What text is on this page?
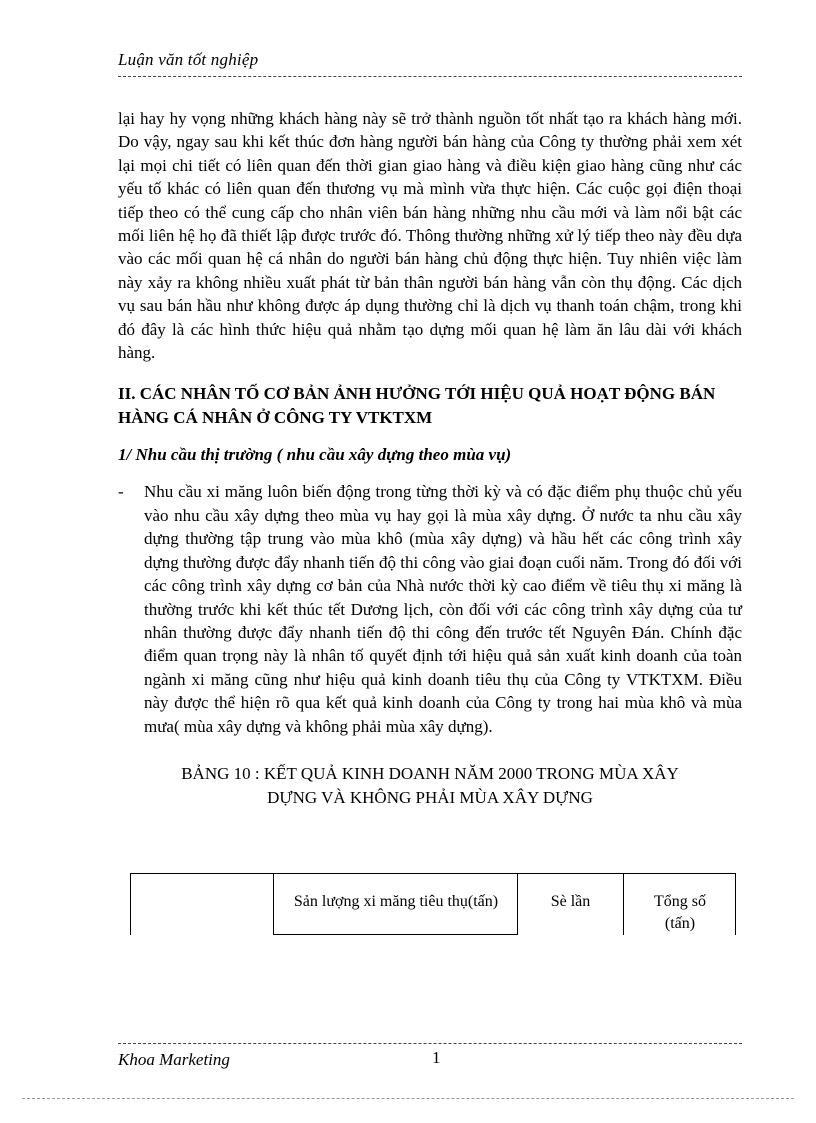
Luận văn tốt nghiệp

lại hay hy vọng những khách hàng này sẽ trở thành nguồn tốt nhất tạo ra khách hàng mới. Do vậy, ngay sau khi kết thúc đơn hàng người bán hàng của Công ty thường phải xem xét lại mọi chi tiết có liên quan đến thời gian giao hàng và điều kiện giao hàng cũng như các yếu tố khác có liên quan đến thương vụ mà mình vừa thực hiện. Các cuộc gọi điện thoại tiếp theo có thể cung cấp cho nhân viên bán hàng những nhu cầu mới và làm nổi bật các mối liên hệ họ đã thiết lập được trước đó. Thông thường những xử lý tiếp theo này đều dựa vào các mối quan hệ cá nhân do người bán hàng chủ động thực hiện. Tuy nhiên việc làm này xảy ra không nhiều xuất phát từ bản thân người bán hàng vẫn còn thụ động. Các dịch vụ sau bán hầu như không được áp dụng thường chỉ là dịch vụ thanh toán chậm, trong khi đó đây là các hình thức hiệu quả nhằm tạo dựng mối quan hệ làm ăn lâu dài với khách hàng.

II. CÁC NHÂN TỐ CƠ BẢN ẢNH HƯỞNG TỚI HIỆU QUẢ HOẠT ĐỘNG BÁN HÀNG CÁ NHÂN Ở CÔNG TY VTKTXM
1/ Nhu cầu thị trường ( nhu cầu xây dựng theo mùa vụ)
-	Nhu cầu xi măng luôn biến động trong từng thời kỳ và có đặc điểm phụ thuộc chủ yếu vào nhu cầu xây dựng theo mùa vụ hay gọi là mùa xây dựng. Ở nước ta nhu cầu xây dựng thường tập trung vào mùa khô (mùa xây dựng) và hầu hết các công trình xây dựng thường được đẩy nhanh tiến độ thi công vào giai đoạn cuối năm. Trong đó đối với các công trình xây dựng cơ bản của Nhà nước thời kỳ cao điểm về tiêu thụ xi măng là thường trước khi kết thúc tết Dương lịch, còn đối với các công trình xây dựng của tư nhân thường được đẩy nhanh tiến độ thi công đến trước tết Nguyên Đán. Chính đặc điểm quan trọng này là nhân tố quyết định tới hiệu quả sản xuất kinh doanh của toàn ngành xi măng cũng như hiệu quả kinh doanh tiêu thụ của Công ty VTKTXM. Điều này được thể hiện rõ qua kết quả kinh doanh của Công ty trong hai mùa khô và mùa mưa( mùa xây dựng và không phải mùa xây dựng).
BẢNG 10 : KẾT QUẢ KINH DOANH NĂM 2000 TRONG MÙA XÂY DỰNG VÀ KHÔNG PHẢI MÙA XÂY DỰNG
Sản lượng xi măng tiêu thụ(tấn)	Sè lần	Tổng số (tấn)
Khoa Marketing	1
